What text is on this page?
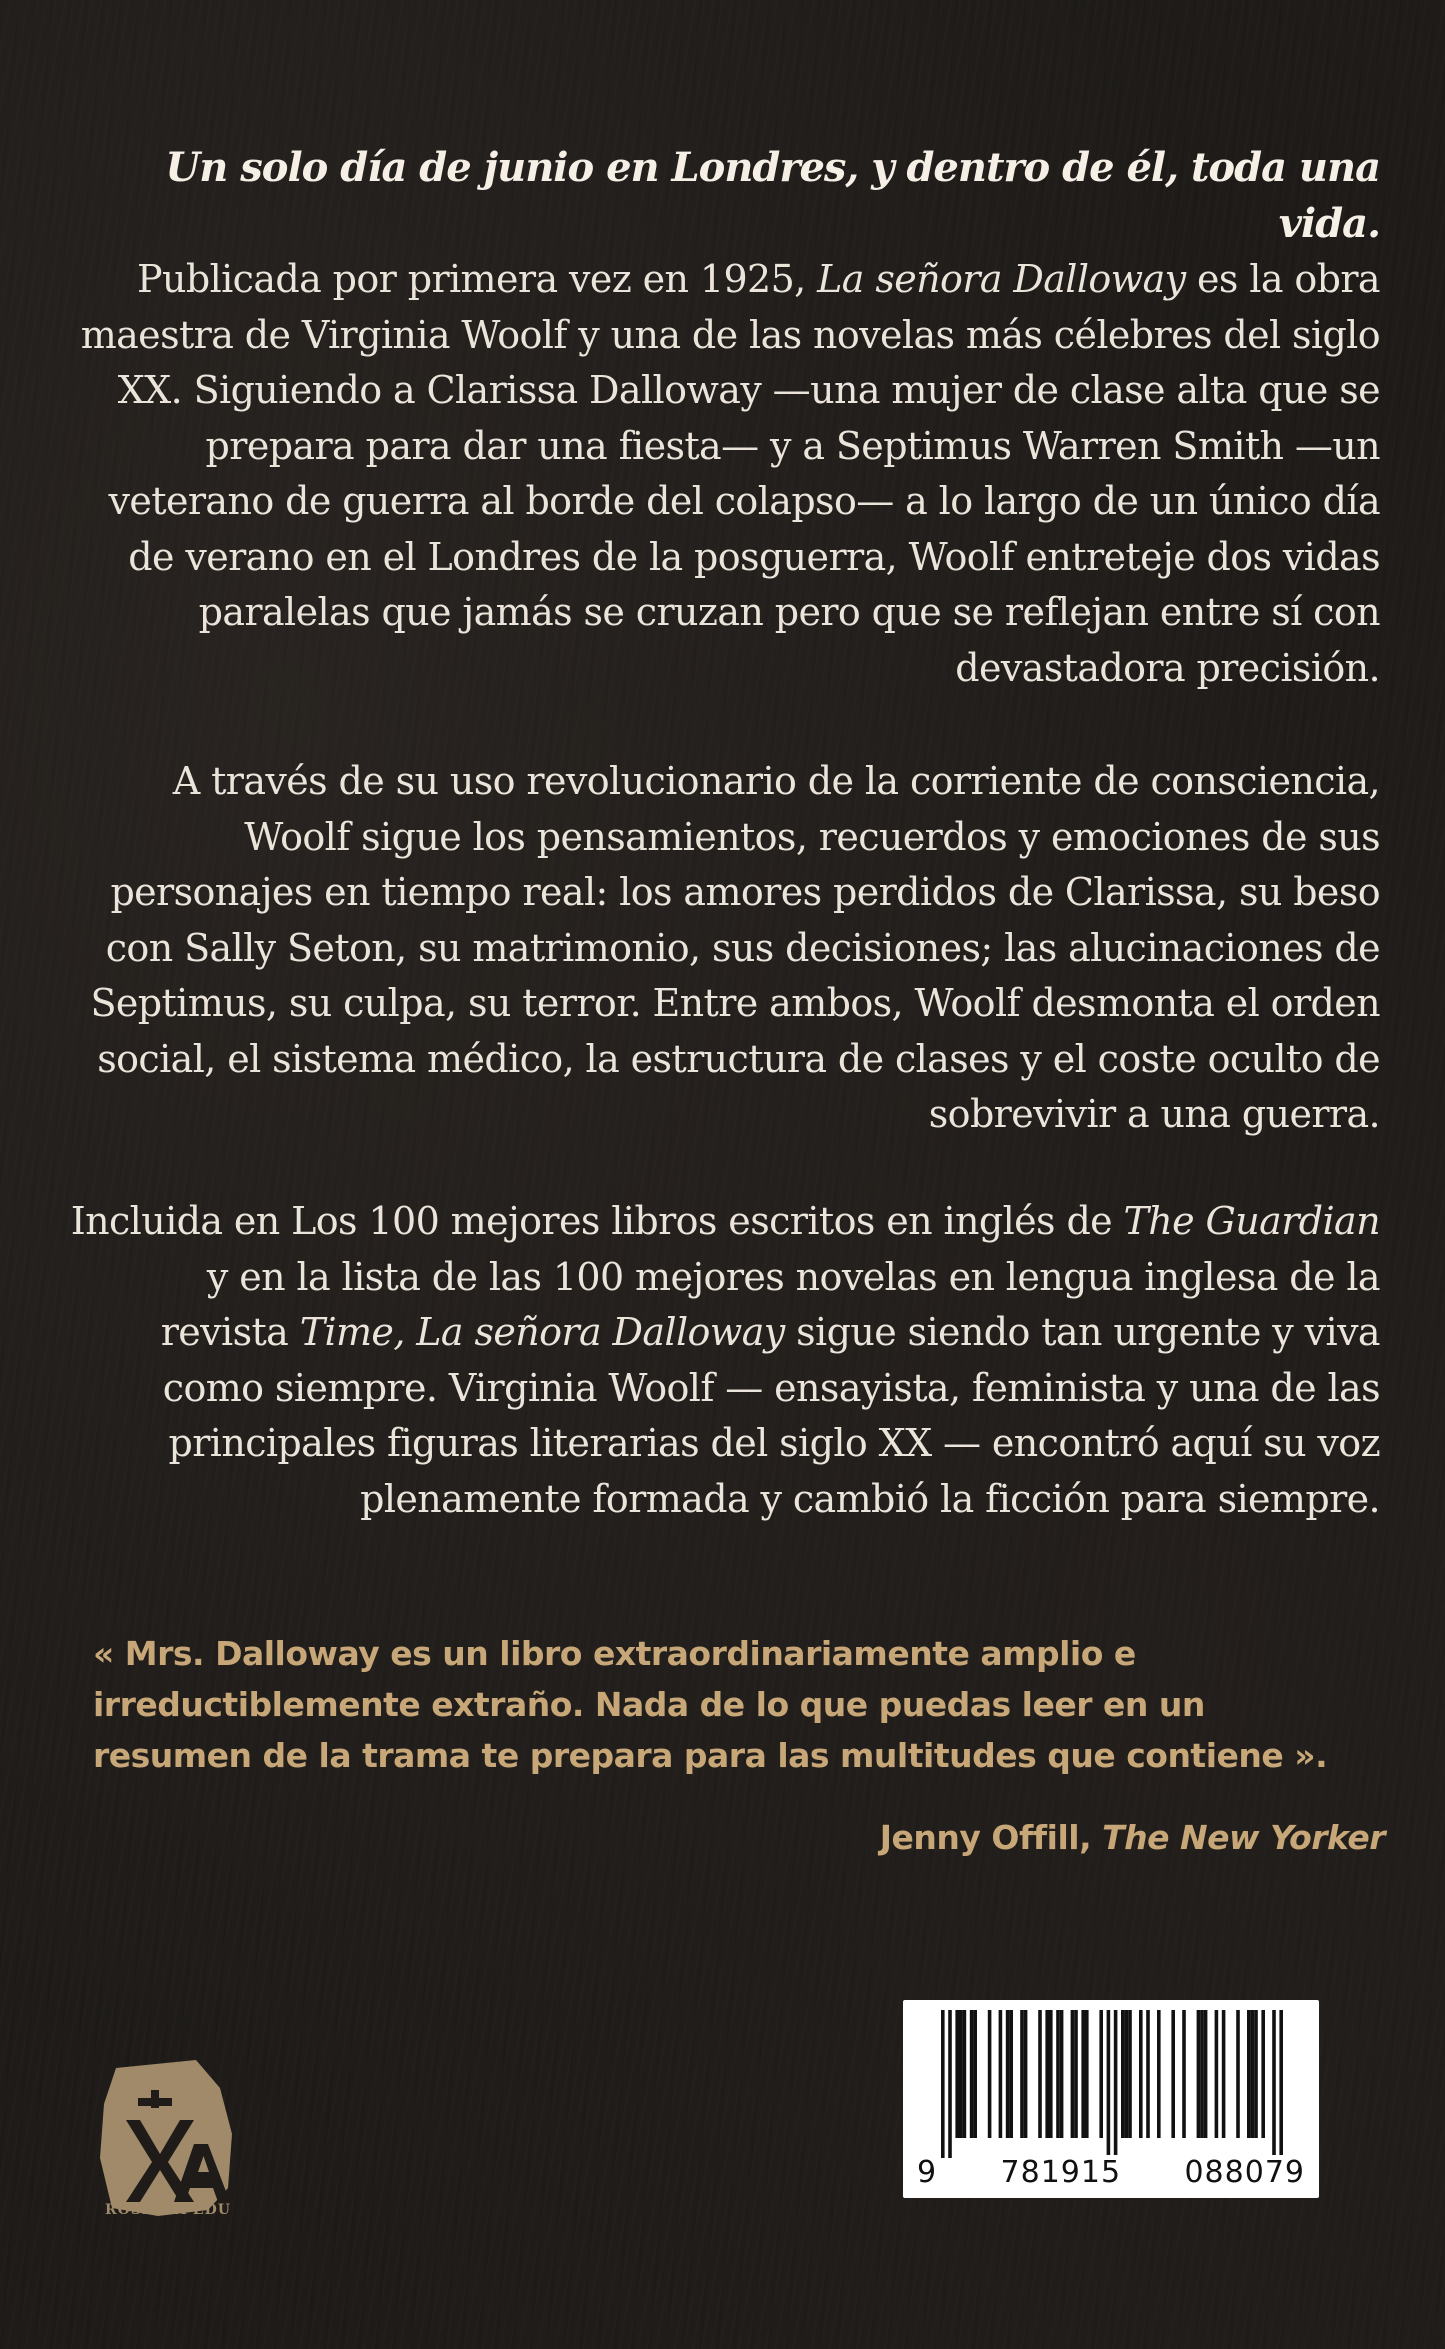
Un solo día de junio en Londres, y dentro de él, toda una vida.

Publicada por primera vez en 1925, La señora Dalloway es la obra maestra de Virginia Woolf y una de las novelas más célebres del siglo XX. Siguiendo a Clarissa Dalloway —una mujer de clase alta que se prepara para dar una fiesta— y a Septimus Warren Smith —un veterano de guerra al borde del colapso— a lo largo de un único día de verano en el Londres de la posguerra, Woolf entreteje dos vidas paralelas que jamás se cruzan pero que se reflejan entre sí con devastadora precisión.

A través de su uso revolucionario de la corriente de consciencia, Woolf sigue los pensamientos, recuerdos y emociones de sus personajes en tiempo real: los amores perdidos de Clarissa, su beso con Sally Seton, su matrimonio, sus decisiones; las alucinaciones de Septimus, su culpa, su terror. Entre ambos, Woolf desmonta el orden social, el sistema médico, la estructura de clases y el coste oculto de sobrevivir a una guerra.

Incluida en Los 100 mejores libros escritos en inglés de The Guardian y en la lista de las 100 mejores novelas en lengua inglesa de la revista Time, La señora Dalloway sigue siendo tan urgente y viva como siempre. Virginia Woolf — ensayista, feminista y una de las principales figuras literarias del siglo XX — encontró aquí su voz plenamente formada y cambió la ficción para siempre.

« Mrs. Dalloway es un libro extraordinariamente amplio e irreductiblemente extraño. Nada de lo que puedas leer en un resumen de la trama te prepara para las multitudes que contiene ».

Jenny Offill, The New Yorker
ROSETTA EDU
9 781915 088079
